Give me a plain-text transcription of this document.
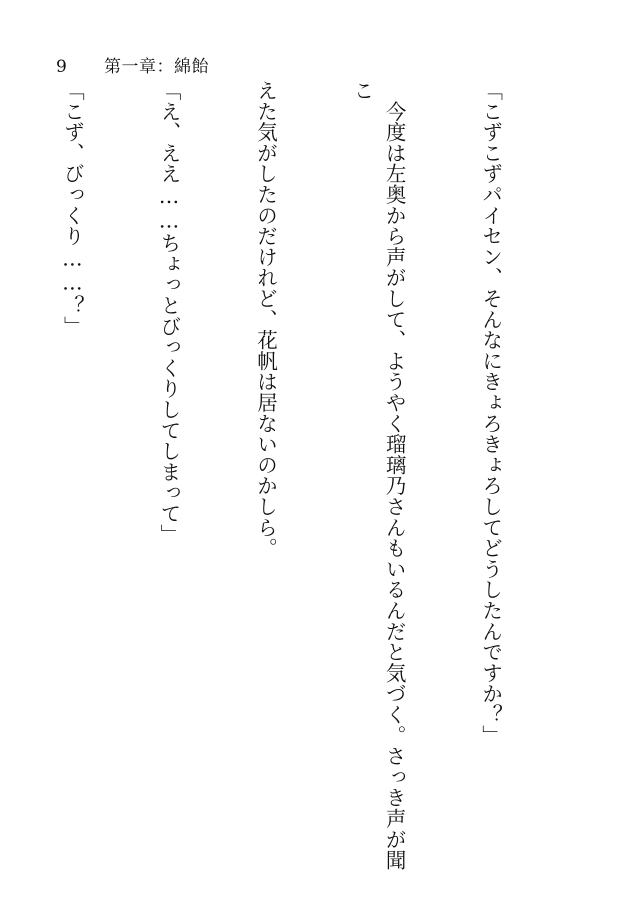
9	第一章：綿飴

「こずこずパイセン、そんなにきょろきょろしてどうしたんですか？」

　今度は左奥から声がして、ようやく瑠璃乃さんもいるんだと気づく。さっき声が聞こ

えた気がしたのだけれど、花帆は居ないのかしら。

「え、ええ……ちょっとびっくりしてしまって」

「こず、びっくり……？」
